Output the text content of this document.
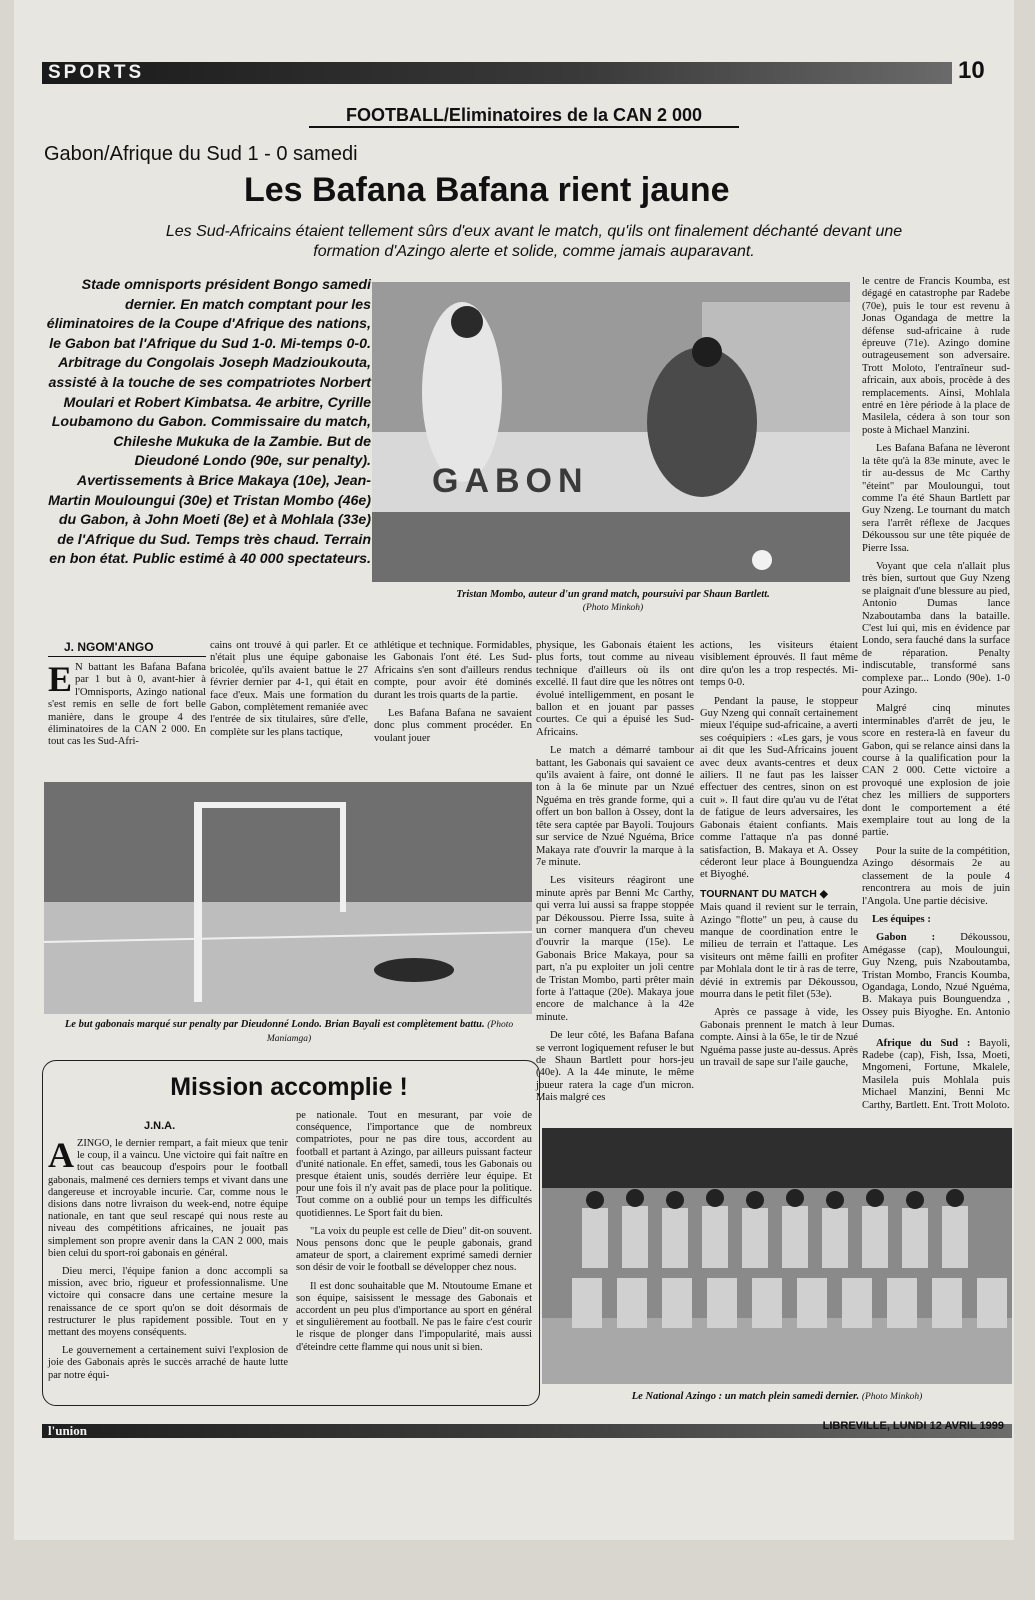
SPORTS	10
FOOTBALL/Eliminatoires de la CAN 2 000
Gabon/Afrique du Sud 1 - 0 samedi
Les Bafana Bafana rient jaune
Les Sud-Africains étaient tellement sûrs d'eux avant le match, qu'ils ont finalement déchanté devant une formation d'Azingo alerte et solide, comme jamais auparavant.
Stade omnisports président Bongo samedi dernier. En match comptant pour les éliminatoires de la Coupe d'Afrique des nations, le Gabon bat l'Afrique du Sud 1-0. Mi-temps 0-0. Arbitrage du Congolais Joseph Madzioukouta, assisté à la touche de ses compatriotes Norbert Moulari et Robert Kimbatsa. 4e arbitre, Cyrille Loubamono du Gabon. Commissaire du match, Chileshe Mukuka de la Zambie. But de Dieudoné Londo (90e, sur penalty). Avertissements à Brice Makaya (10e), Jean-Martin Mouloungui (30e) et Tristan Mombo (46e) du Gabon, à John Moeti (8e) et à Mohlala (33e) de l'Afrique du Sud. Temps très chaud. Terrain en bon état. Public estimé à 40 000 spectateurs.
GABON
Tristan Mombo, auteur d'un grand match, poursuivi par Shaun Bartlett.
(Photo Minkoh)
J. NGOM'ANGO
E N battant les Bafana Bafana par 1 but à 0, avant-hier à l'Omnisports, Azingo national s'est remis en selle de fort belle manière, dans le groupe 4 des éliminatoires de la CAN 2 000. En tout cas les Sud-Afri-
cains ont trouvé à qui parler. Et ce n'était plus une équipe gabonaise bricolée, qu'ils avaient battue le 27 février dernier par 4-1, qui était en face d'eux. Mais une formation du Gabon, complètement remaniée avec l'entrée de six titulaires, sûre d'elle, complète sur les plans tactique,

athlétique et technique. Formidables, les Gabonais l'ont été. Les Sud-Africains s'en sont d'ailleurs rendus compte, pour avoir été dominés durant les trois quarts de la partie.

Les Bafana Bafana ne savaient donc plus comment procéder. En voulant jouer

Le but gabonais marqué sur penalty par Dieudonné Londo. Brian Bayali est complètement battu. (Photo Maniamga)

physique, les Gabonais étaient les plus forts, tout comme au niveau technique d'ailleurs où ils ont excellé. Il faut dire que les nôtres ont évolué intelligemment, en posant le ballon et en jouant par passes courtes. Ce qui a épuisé les Sud- Africains.

Le match a démarré tambour battant, les Gabonais qui savaient ce qu'ils avaient à faire, ont donné le ton à la 6e minute par un Nzué Nguéma en très grande forme, qui a offert un bon ballon à Ossey, dont la tête sera captée par Bayoli. Toujours sur service de Nzué Nguéma, Brice Makaya rate d'ouvrir la marque à la 7e minute.

Les visiteurs réagiront une minute après par Benni Mc Carthy, qui verra lui aussi sa frappe stoppée par Dékoussou. Pierre Issa, suite à un corner manquera d'un cheveu d'ouvrir la marque (15e). Le Gabonais Brice Makaya, pour sa part, n'a pu exploiter un joli centre de Tristan Mombo, parti prêter main forte à l'attaque (20e). Makaya joue encore de malchance à la 42e minute.

De leur côté, les Bafana Bafana se verront logiquement refuser le but de Shaun Bartlett pour hors-jeu (40e). A la 44e minute, le même joueur ratera la cage d'un micron. Mais malgré ces

actions, les visiteurs étaient visiblement éprouvés. Il faut même dire qu'on les a trop respectés. Mi-temps 0-0.

Pendant la pause, le stoppeur Guy Nzeng qui connaît certainement mieux l'équipe sud-africaine, a averti ses coéquipiers : «Les gars, je vous ai dit que les Sud-Africains jouent avec deux avants-centres et deux ailiers. Il ne faut pas les laisser effectuer des centres, sinon on est cuit ». Il faut dire qu'au vu de l'état de fatigue de leurs adversaires, les Gabonais étaient confiants. Mais comme l'attaque n'a pas donné satisfaction, B. Makaya et A. Ossey céderont leur place à Bounguendza et Biyoghé.

TOURNANT DU MATCH ◆

Mais quand il revient sur le terrain, Azingo "flotte" un peu, à cause du manque de coordination entre le milieu de terrain et l'attaque. Les visiteurs ont même failli en profiter par Mohlala dont le tir à ras de terre, dévié in extremis par Dékoussou, mourra dans le petit filet (53e).

Après ce passage à vide, les Gabonais prennent le match à leur compte. Ainsi à la 65e, le tir de Nzué Nguéma passe juste au-dessus. Après un travail de sape sur l'aile gauche,

le centre de Francis Koumba, est dégagé en catastrophe par Radebe (70e), puis le tour est revenu à Jonas Ogandaga de mettre la défense sud-africaine à rude épreuve (71e). Azingo domine outrageusement son adversaire. Trott Moloto, l'entraîneur sud-africain, aux abois, procède à des remplacements. Ainsi, Mohlala entré en 1ère période à la place de Masilela, cédera à son tour son poste à Michael Manzini.

Les Bafana Bafana ne lèveront la tête qu'à la 83e minute, avec le tir au-dessus de Mc Carthy "éteint" par Mouloungui, tout comme l'a été Shaun Bartlett par Guy Nzeng. Le tournant du match sera l'arrêt réflexe de Jacques Dékoussou sur une tête piquée de Pierre Issa.

Voyant que cela n'allait plus très bien, surtout que Guy Nzeng se plaignait d'une blessure au pied, Antonio Dumas lance Nzaboutamba dans la bataille. C'est lui qui, mis en évidence par Londo, sera fauché dans la surface de réparation. Penalty indiscutable, transformé sans complexe par... Londo (90e). 1-0 pour Azingo.

Malgré cinq minutes interminables d'arrêt de jeu, le score en restera-là en faveur du Gabon, qui se relance ainsi dans la course à la qualification pour la CAN 2 000. Cette victoire a provoqué une explosion de joie chez les milliers de supporters dont le comportement a été exemplaire tout au long de la partie.

Pour la suite de la compétition, Azingo désormais 2e au classement de la poule 4 rencontrera au mois de juin l'Angola. Une partie décisive.

Les équipes :

Gabon : Dékoussou, Amégasse (cap), Mouloungui, Guy Nzeng, puis Nzaboutamba, Tristan Mombo, Francis Koumba, Ogandaga, Londo, Nzué Nguéma, B. Makaya puis Bounguendza , Ossey puis Biyoghe. En. Antonio Dumas.

Afrique du Sud : Bayoli, Radebe (cap), Fish, Issa, Moeti, Mngomeni, Fortune, Mkalele, Masilela puis Mohlala puis Michael Manzini, Benni Mc Carthy, Bartlett. Ent. Trott Moloto.

Mission accomplie !
J.N.A.

AZINGO, le dernier rempart, a fait mieux que tenir le coup, il a vaincu. Une victoire qui fait naître en tout cas beaucoup d'espoirs pour le football gabonais, malmené ces derniers temps et vivant dans une dangereuse et incroyable incurie. Car, comme nous le disions dans notre livraison du week-end, notre équipe nationale, en tant que seul rescapé qui nous reste au niveau des compétitions africaines, ne jouait pas simplement son propre avenir dans la CAN 2 000, mais bien celui du sport-roi gabonais en général.

Dieu merci, l'équipe fanion a donc accompli sa mission, avec brio, rigueur et professionnalisme. Une victoire qui consacre dans une certaine mesure la renaissance de ce sport qu'on se doit désormais de restructurer le plus rapidement possible. Tout en y mettant des moyens conséquents.

Le gouvernement a certainement suivi l'explosion de joie des Gabonais après le succès arraché de haute lutte par notre équi-

pe nationale. Tout en mesurant, par voie de conséquence, l'importance que de nombreux compatriotes, pour ne pas dire tous, accordent au football et partant à Azingo, par ailleurs puissant facteur d'unité nationale. En effet, samedi, tous les Gabonais ou presque étaient unis, soudés derrière leur équipe. Et pour une fois il n'y avait pas de place pour la politique. Tout comme on a oublié pour un temps les difficultés quotidiennes. Le Sport fait du bien.

"La voix du peuple est celle de Dieu" dit-on souvent. Nous pensons donc que le peuple gabonais, grand amateur de sport, a clairement exprimé samedi dernier son désir de voir le football se développer chez nous.

Il est donc souhaitable que M. Ntoutoume Emane et son équipe, saisissent le message des Gabonais et accordent un peu plus d'importance au sport en général et singulièrement au football. Ne pas le faire c'est courir le risque de plonger dans l'impopularité, mais aussi d'éteindre cette flamme qui nous unit si bien.

Le National Azingo : un match plein samedi dernier. (Photo Minkoh)
l'union	LIBREVILLE, LUNDI 12 AVRIL 1999
